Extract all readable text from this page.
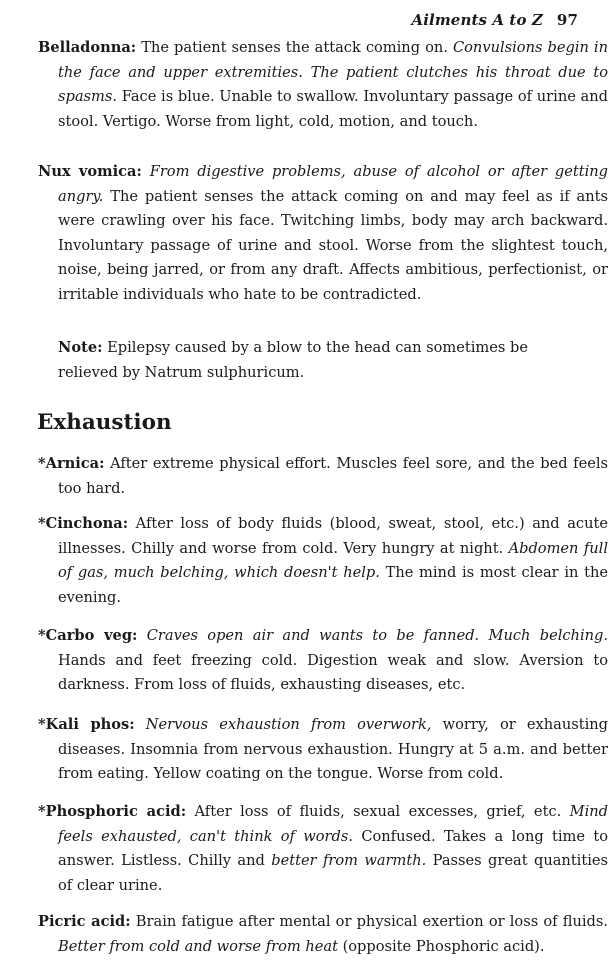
Ailments A to Z 97

Belladonna: The patient senses the attack coming on. Convulsions begin in the face and upper extremities. The patient clutches his throat due to spasms. Face is blue. Unable to swallow. Involuntary passage of urine and stool. Vertigo. Worse from light, cold, motion, and touch.

Nux vomica: From digestive problems, abuse of alcohol or after getting angry. The patient senses the attack coming on and may feel as if ants were crawling over his face. Twitching limbs, body may arch backward. Involuntary passage of urine and stool. Worse from the slightest touch, noise, being jarred, or from any draft. Affects ambitious, perfectionist, or irritable individuals who hate to be contradicted.

Note: Epilepsy caused by a blow to the head can sometimes be relieved by Natrum sulphuricum.

Exhaustion

*Arnica: After extreme physical effort. Muscles feel sore, and the bed feels too hard.

*Cinchona: After loss of body fluids (blood, sweat, stool, etc.) and acute illnesses. Chilly and worse from cold. Very hungry at night. Abdomen full of gas, much belching, which doesn't help. The mind is most clear in the evening.

*Carbo veg: Craves open air and wants to be fanned. Much belching. Hands and feet freezing cold. Digestion weak and slow. Aversion to darkness. From loss of fluids, exhausting diseases, etc.

*Kali phos: Nervous exhaustion from overwork, worry, or exhausting diseases. Insomnia from nervous exhaustion. Hungry at 5 a.m. and better from eating. Yellow coating on the tongue. Worse from cold.

*Phosphoric acid: After loss of fluids, sexual excesses, grief, etc. Mind feels exhausted, can't think of words. Confused. Takes a long time to answer. Listless. Chilly and better from warmth. Passes great quantities of clear urine.

Picric acid: Brain fatigue after mental or physical exertion or loss of fluids. Better from cold and worse from heat (opposite Phosphoric acid).
